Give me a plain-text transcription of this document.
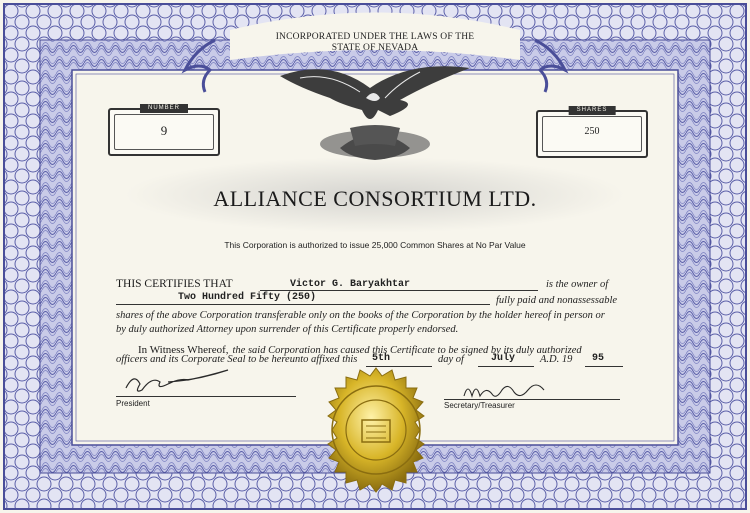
INCORPORATED UNDER THE LAWS OF THE
STATE OF NEVADA
NUMBER
9
SHARES
250
ALLIANCE CONSORTIUM LTD.
This Corporation is authorized to issue 25,000 Common Shares at No Par Value
THIS CERTIFIES THAT	Victor G. Baryakhtar	is the owner of
Two Hundred Fifty (250)	fully paid and nonassessable
shares of the above Corporation transferable only on the books of the Corporation by the holder hereof in person or
by duly authorized Attorney upon surrender of this Certificate properly endorsed.
In Witness Whereof, the said Corporation has caused this Certificate to be signed by its duly authorized
officers and its Corporate Seal to be hereunto affixed this 5th	day of	July A.D. 19 95
President	Secretary/Treasurer
